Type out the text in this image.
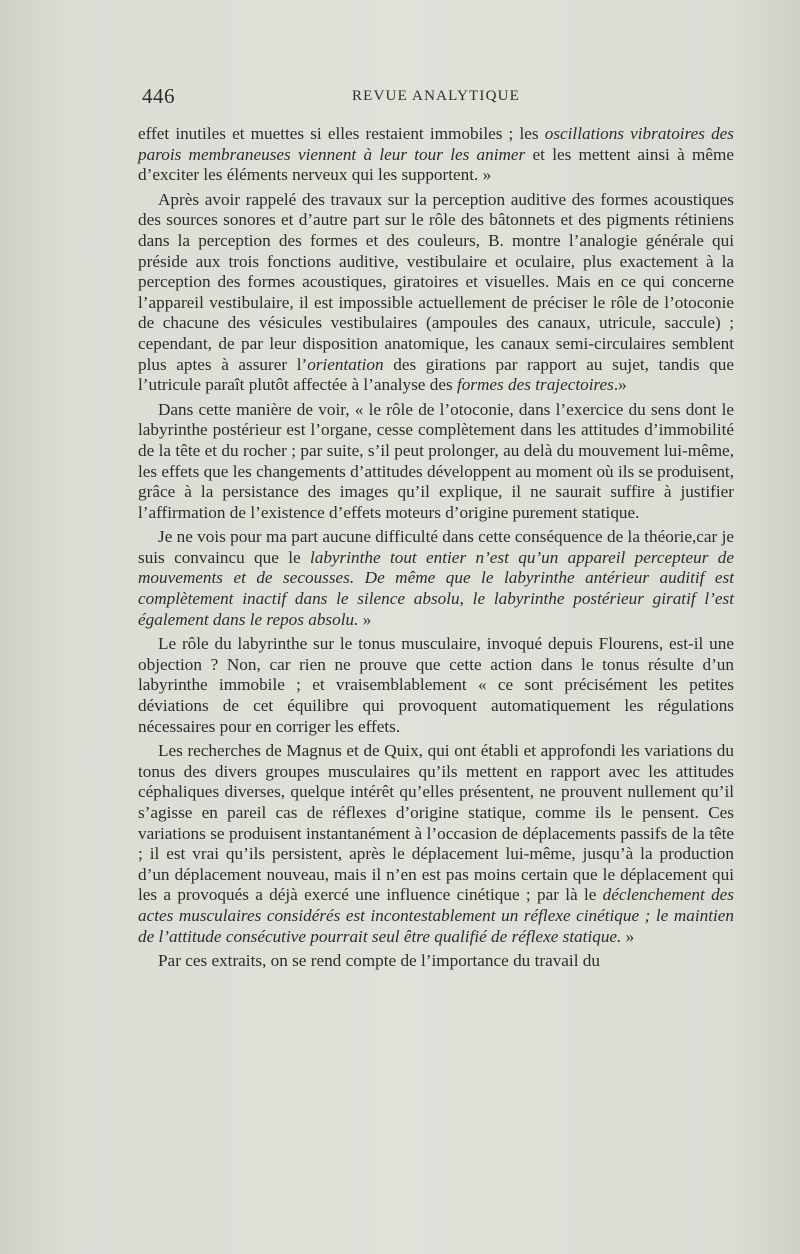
446	REVUE ANALYTIQUE

effet inutiles et muettes si elles restaient immobiles ; les oscillations vibratoires des parois membraneuses viennent à leur tour les animer et les mettent ainsi à même d’exciter les éléments nerveux qui les supportent. »

Après avoir rappelé des travaux sur la perception auditive des formes acoustiques des sources sonores et d’autre part sur le rôle des bâtonnets et des pigments rétiniens dans la perception des formes et des couleurs, B. montre l’analogie générale qui préside aux trois fonctions auditive, vestibulaire et oculaire, plus exactement à la perception des formes acoustiques, giratoires et visuelles. Mais en ce qui concerne l’appareil vestibulaire, il est impossible actuellement de préciser le rôle de l’otoconie de chacune des vésicules vestibulaires (ampoules des canaux, utricule, saccule) ; cependant, de par leur disposition anatomique, les canaux semi-circulaires semblent plus aptes à assurer l’orientation des girations par rapport au sujet, tandis que l’utricule paraît plutôt affectée à l’analyse des formes des trajectoires.»

Dans cette manière de voir, « le rôle de l’otoconie, dans l’exercice du sens dont le labyrinthe postérieur est l’organe, cesse complètement dans les attitudes d’immobilité de la tête et du rocher ; par suite, s’il peut prolonger, au delà du mouvement lui-même, les effets que les changements d’attitudes développent au moment où ils se produisent, grâce à la persistance des images qu’il explique, il ne saurait suffire à justifier l’affirmation de l’existence d’effets moteurs d’origine purement statique.

Je ne vois pour ma part aucune difficulté dans cette conséquence de la théorie,car je suis convaincu que le labyrinthe tout entier n’est qu’un appareil percepteur de mouvements et de secousses. De même que le labyrinthe antérieur auditif est complètement inactif dans le silence absolu, le labyrinthe postérieur giratif l’est également dans le repos absolu. »

Le rôle du labyrinthe sur le tonus musculaire, invoqué depuis Flourens, est-il une objection ? Non, car rien ne prouve que cette action dans le tonus résulte d’un labyrinthe immobile ; et vraisemblablement « ce sont précisément les petites déviations de cet équilibre qui provoquent automatiquement les régulations nécessaires pour en corriger les effets.

Les recherches de Magnus et de Quix, qui ont établi et approfondi les variations du tonus des divers groupes musculaires qu’ils mettent en rapport avec les attitudes céphaliques diverses, quelque intérêt qu’elles présentent, ne prouvent nullement qu’il s’agisse en pareil cas de réflexes d’origine statique, comme ils le pensent. Ces variations se produisent instantanément à l’occasion de déplacements passifs de la tête ; il est vrai qu’ils persistent, après le déplacement lui-même, jusqu’à la production d’un déplacement nouveau, mais il n’en est pas moins certain que le déplacement qui les a provoqués a déjà exercé une influence cinétique ; par là le déclenchement des actes musculaires considérés est incontestablement un réflexe cinétique ; le maintien de l’attitude consécutive pourrait seul être qualifié de réflexe statique. »

Par ces extraits, on se rend compte de l’importance du travail du
